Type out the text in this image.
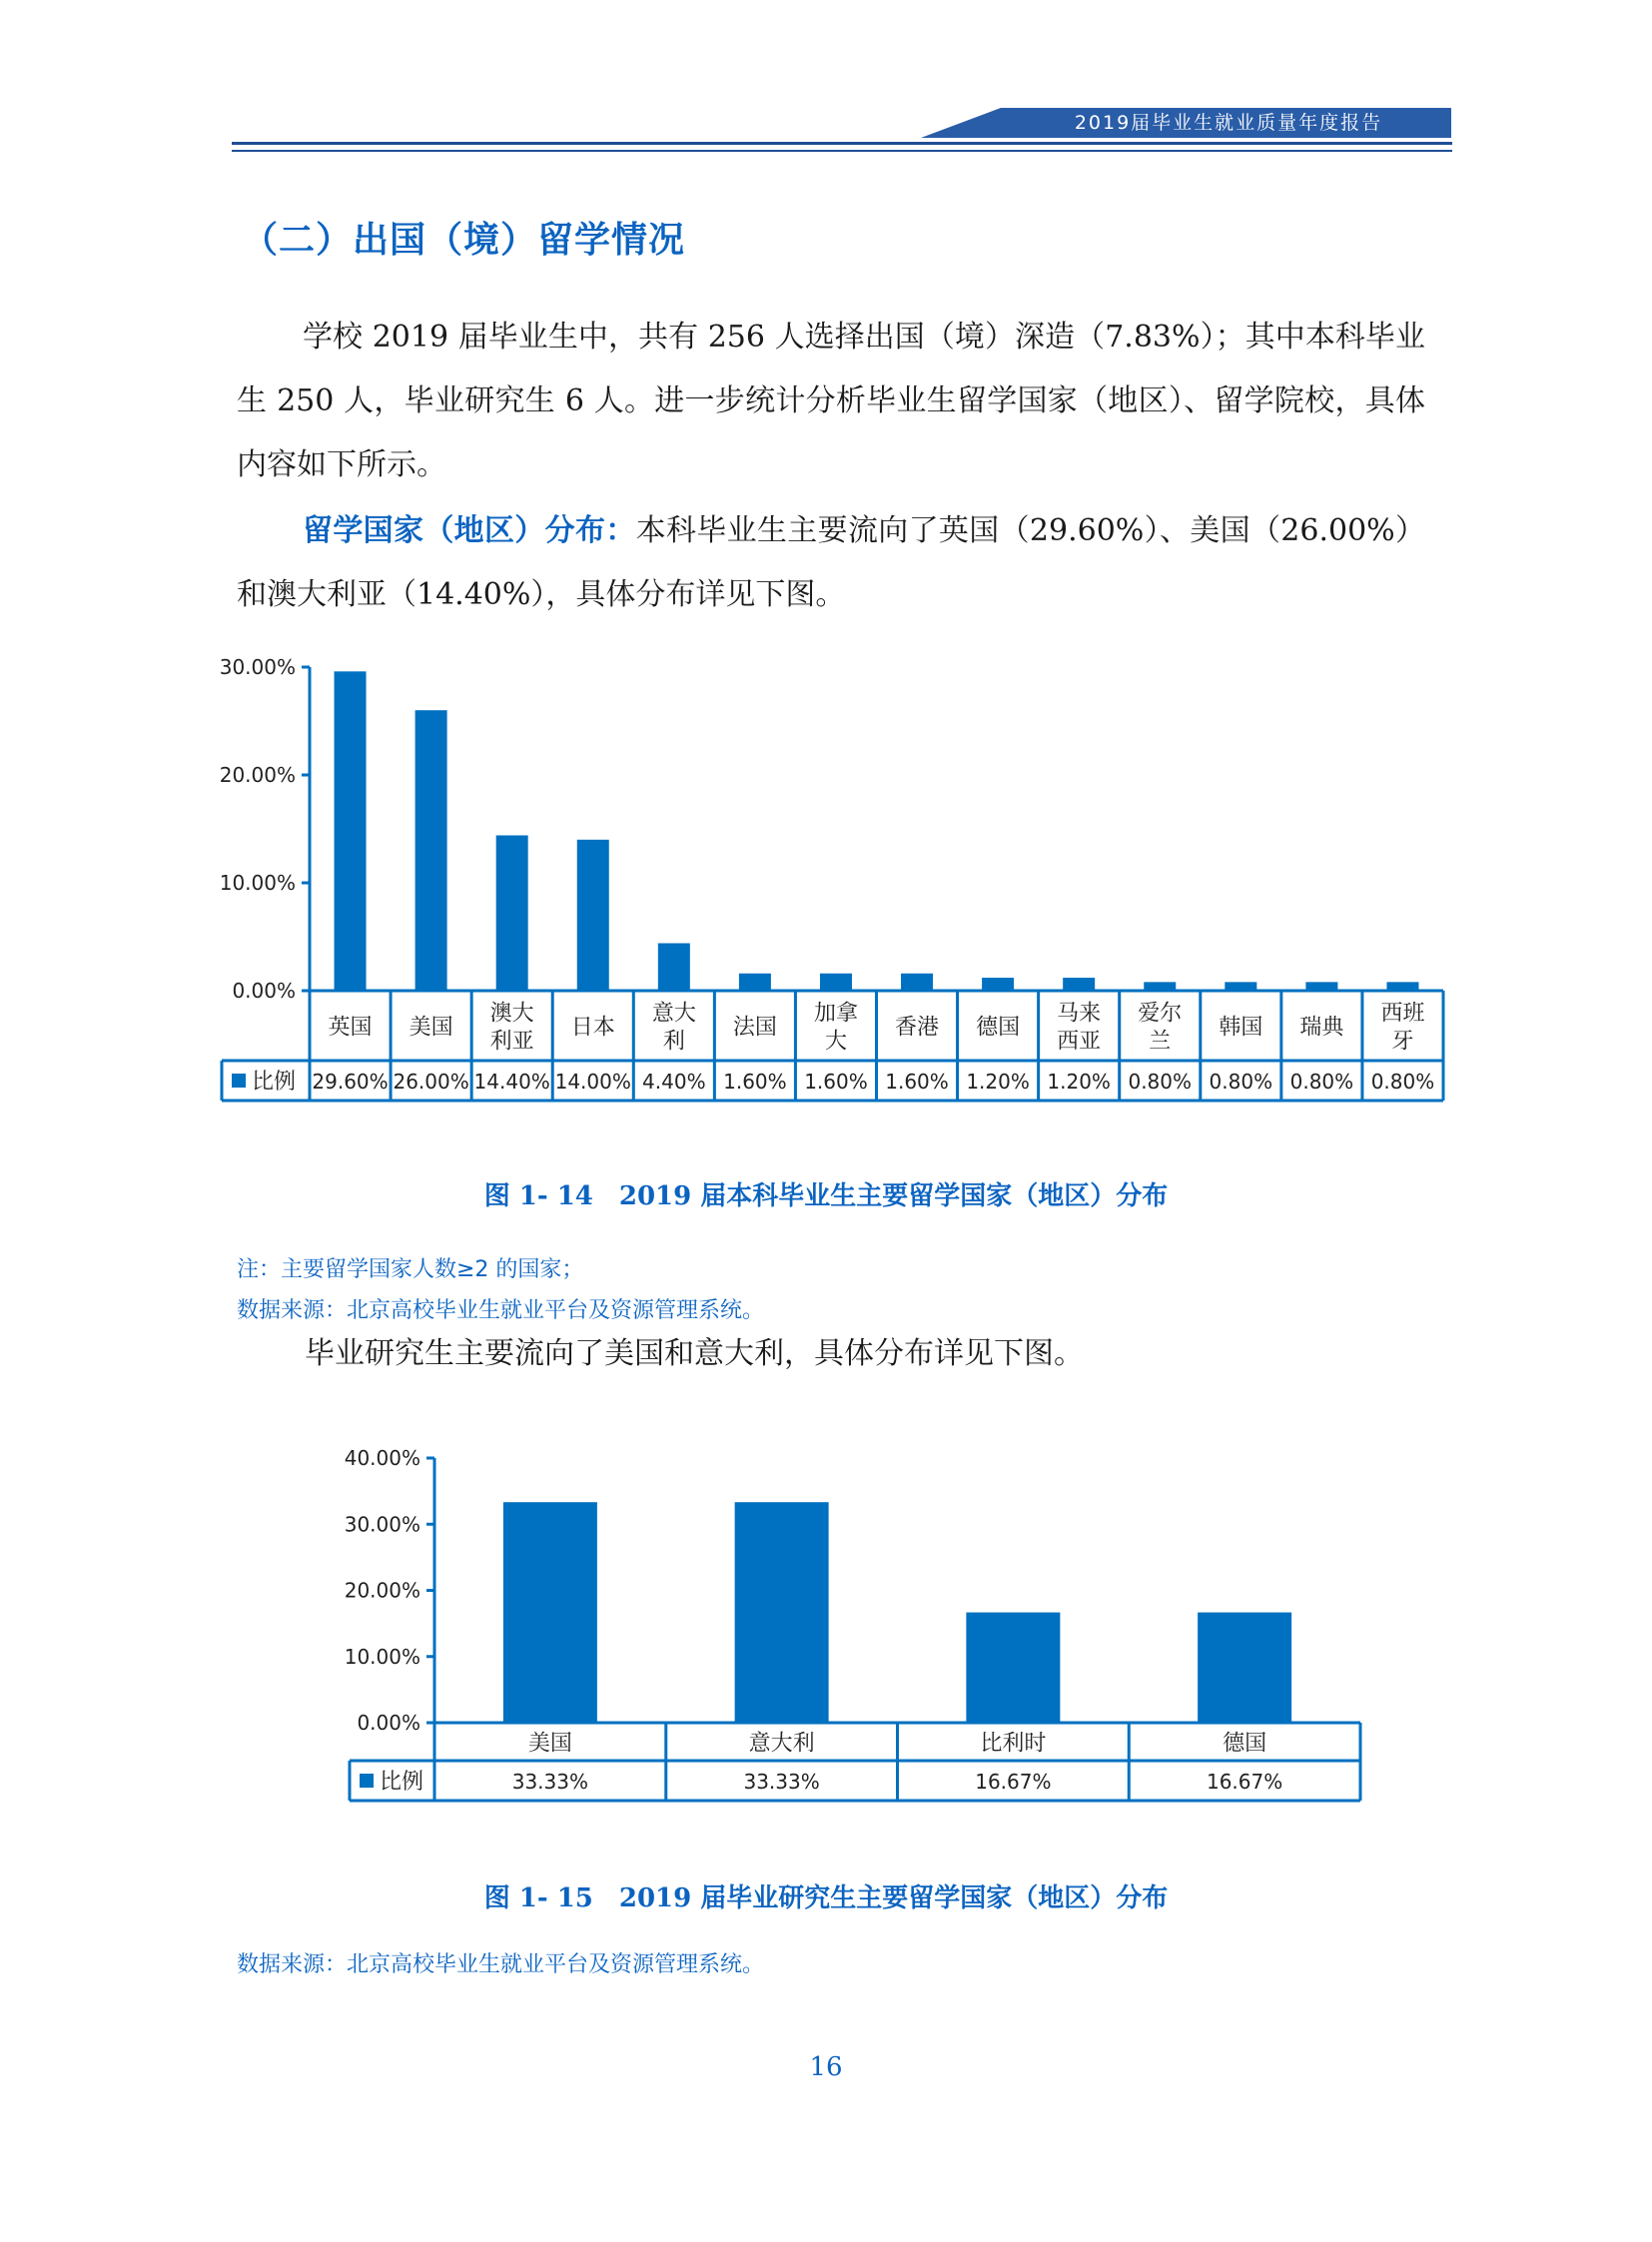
2019届毕业生就业质量年度报告
（二）出国（境）留学情况
学校 2019 届毕业生中，共有 256 人选择出国（境）深造（7.83%）；其中本科毕业生 250 人，毕业研究生 6 人。进一步统计分析毕业生留学国家（地区）、留学院校，具体内容如下所示。
留学国家（地区）分布：本科毕业生主要流向了英国（29.60%）、美国（26.00%）和澳大利亚（14.40%），具体分布详见下图。
0.00%
10.00%
20.00%
30.00%
比例
英国
29.60%
美国
26.00%
澳大利亚
14.40%
日本
14.00%
意大利
4.40%
法国
1.60%
加拿大
1.60%
香港
1.60%
德国
1.20%
马来西亚
1.20%
爱尔兰
0.80%
韩国
0.80%
瑞典
0.80%
西班牙
0.80%
图 1- 14　2019 届本科毕业生主要留学国家（地区）分布
注：主要留学国家人数≥2 的国家；
数据来源：北京高校毕业生就业平台及资源管理系统。
毕业研究生主要流向了美国和意大利，具体分布详见下图。
0.00%
10.00%
20.00%
30.00%
40.00%
比例
美国
33.33%
意大利
33.33%
比利时
16.67%
德国
16.67%
图 1- 15　2019 届毕业研究生主要留学国家（地区）分布
数据来源：北京高校毕业生就业平台及资源管理系统。
16
